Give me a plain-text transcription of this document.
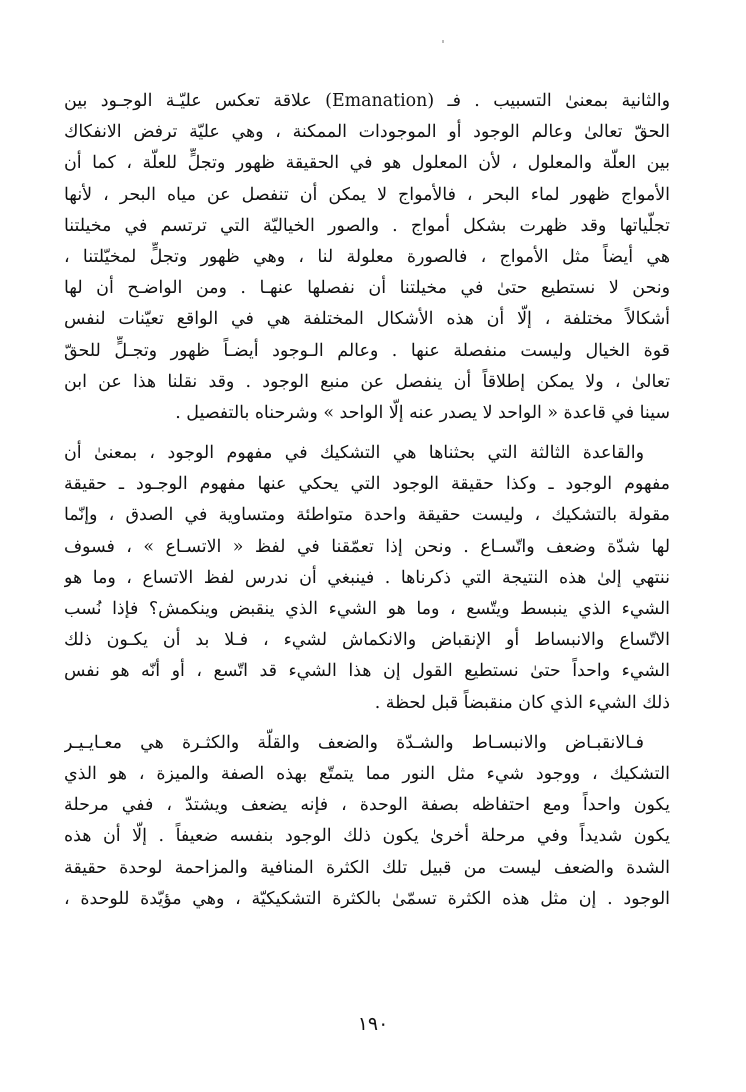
والثانية بمعنىٰ التسبيب . فـ (Emanation) علاقة تعكس عليّـة الوجـود بين
الحقّ تعالىٰ وعالم الوجود أو الموجودات الممكنة ، وهي عليّة ترفض الانفكاك
بين العلّة والمعلول ، لأن المعلول هو في الحقيقة ظهور وتجلٍّ للعلّة ، كما أن
الأمواج ظهور لماء البحر ، فالأمواج لا يمكن أن تنفصل عن مياه البحر ، لأنها
تجلّياتها وقد ظهرت بشكل أمواج . والصور الخياليّة التي ترتسم في مخيلتنا
هي أيضاً مثل الأمواج ، فالصورة معلولة لنا ، وهي ظهور وتجلٍّ لمخيّلتنا ،
ونحن لا نستطيع حتىٰ في مخيلتنا أن نفصلها عنهـا . ومن الواضـح أن لها
أشكالاً مختلفة ، إلّا أن هذه الأشكال المختلفة هي في الواقع تعيّنات لنفس
قوة الخيال وليست منفصلة عنها . وعالم الـوجود أيضـاً ظهور وتجـلٍّ للحقّ
تعالىٰ ، ولا يمكن إطلاقاً أن ينفصل عن منبع الوجود . وقد نقلنا هذا عن ابن
سينا في قاعدة « الواحد لا يصدر عنه إلّا الواحد » وشرحناه بالتفصيل .
والقاعدة الثالثة التي بحثناها هي التشكيك في مفهوم الوجود ، بمعنىٰ أن
مفهوم الوجود ـ وكذا حقيقة الوجود التي يحكي عنها مفهوم الوجـود ـ حقيقة
مقولة بالتشكيك ، وليست حقيقة واحدة متواطئة ومتساوية في الصدق ، وإنّما
لها شدّة وضعف واتّسـاع . ونحن إذا تعمّقنا في لفظ « الاتسـاع » ، فسوف
ننتهي إلىٰ هذه النتيجة التي ذكرناها . فينبغي أن ندرس لفظ الاتساع ، وما هو
الشيء الذي ينبسط ويتّسع ، وما هو الشيء الذي ينقبض وينكمش؟ فإذا نُسب
الاتّساع والانبساط أو الإنقباض والانكماش لشيء ، فـلا بد أن يكـون ذلك
الشيء واحداً حتىٰ نستطيع القول إن هذا الشيء قد اتّسع ، أو أنّه هو نفس
ذلك الشيء الذي كان منقبضاً قبل لحظة .
فـالانقبـاض والانبسـاط والشـدّة والضعف والقلّة والكثـرة هي معـايـيـر
التشكيك ، ووجود شيء مثل النور مما يتمتّع بهذه الصفة والميزة ، هو الذي
يكون واحداً ومع احتفاظه بصفة الوحدة ، فإنه يضعف ويشتدّ ، ففي مرحلة
يكون شديداً وفي مرحلة أخرىٰ يكون ذلك الوجود بنفسه ضعيفاً . إلّا أن هذه
الشدة والضعف ليست من قبيل تلك الكثرة المنافية والمزاحمة لوحدة حقيقة
الوجود . إن مثل هذه الكثرة تسمّىٰ بالكثرة التشكيكيّة ، وهي مؤيّدة للوحدة ،
١٩٠
